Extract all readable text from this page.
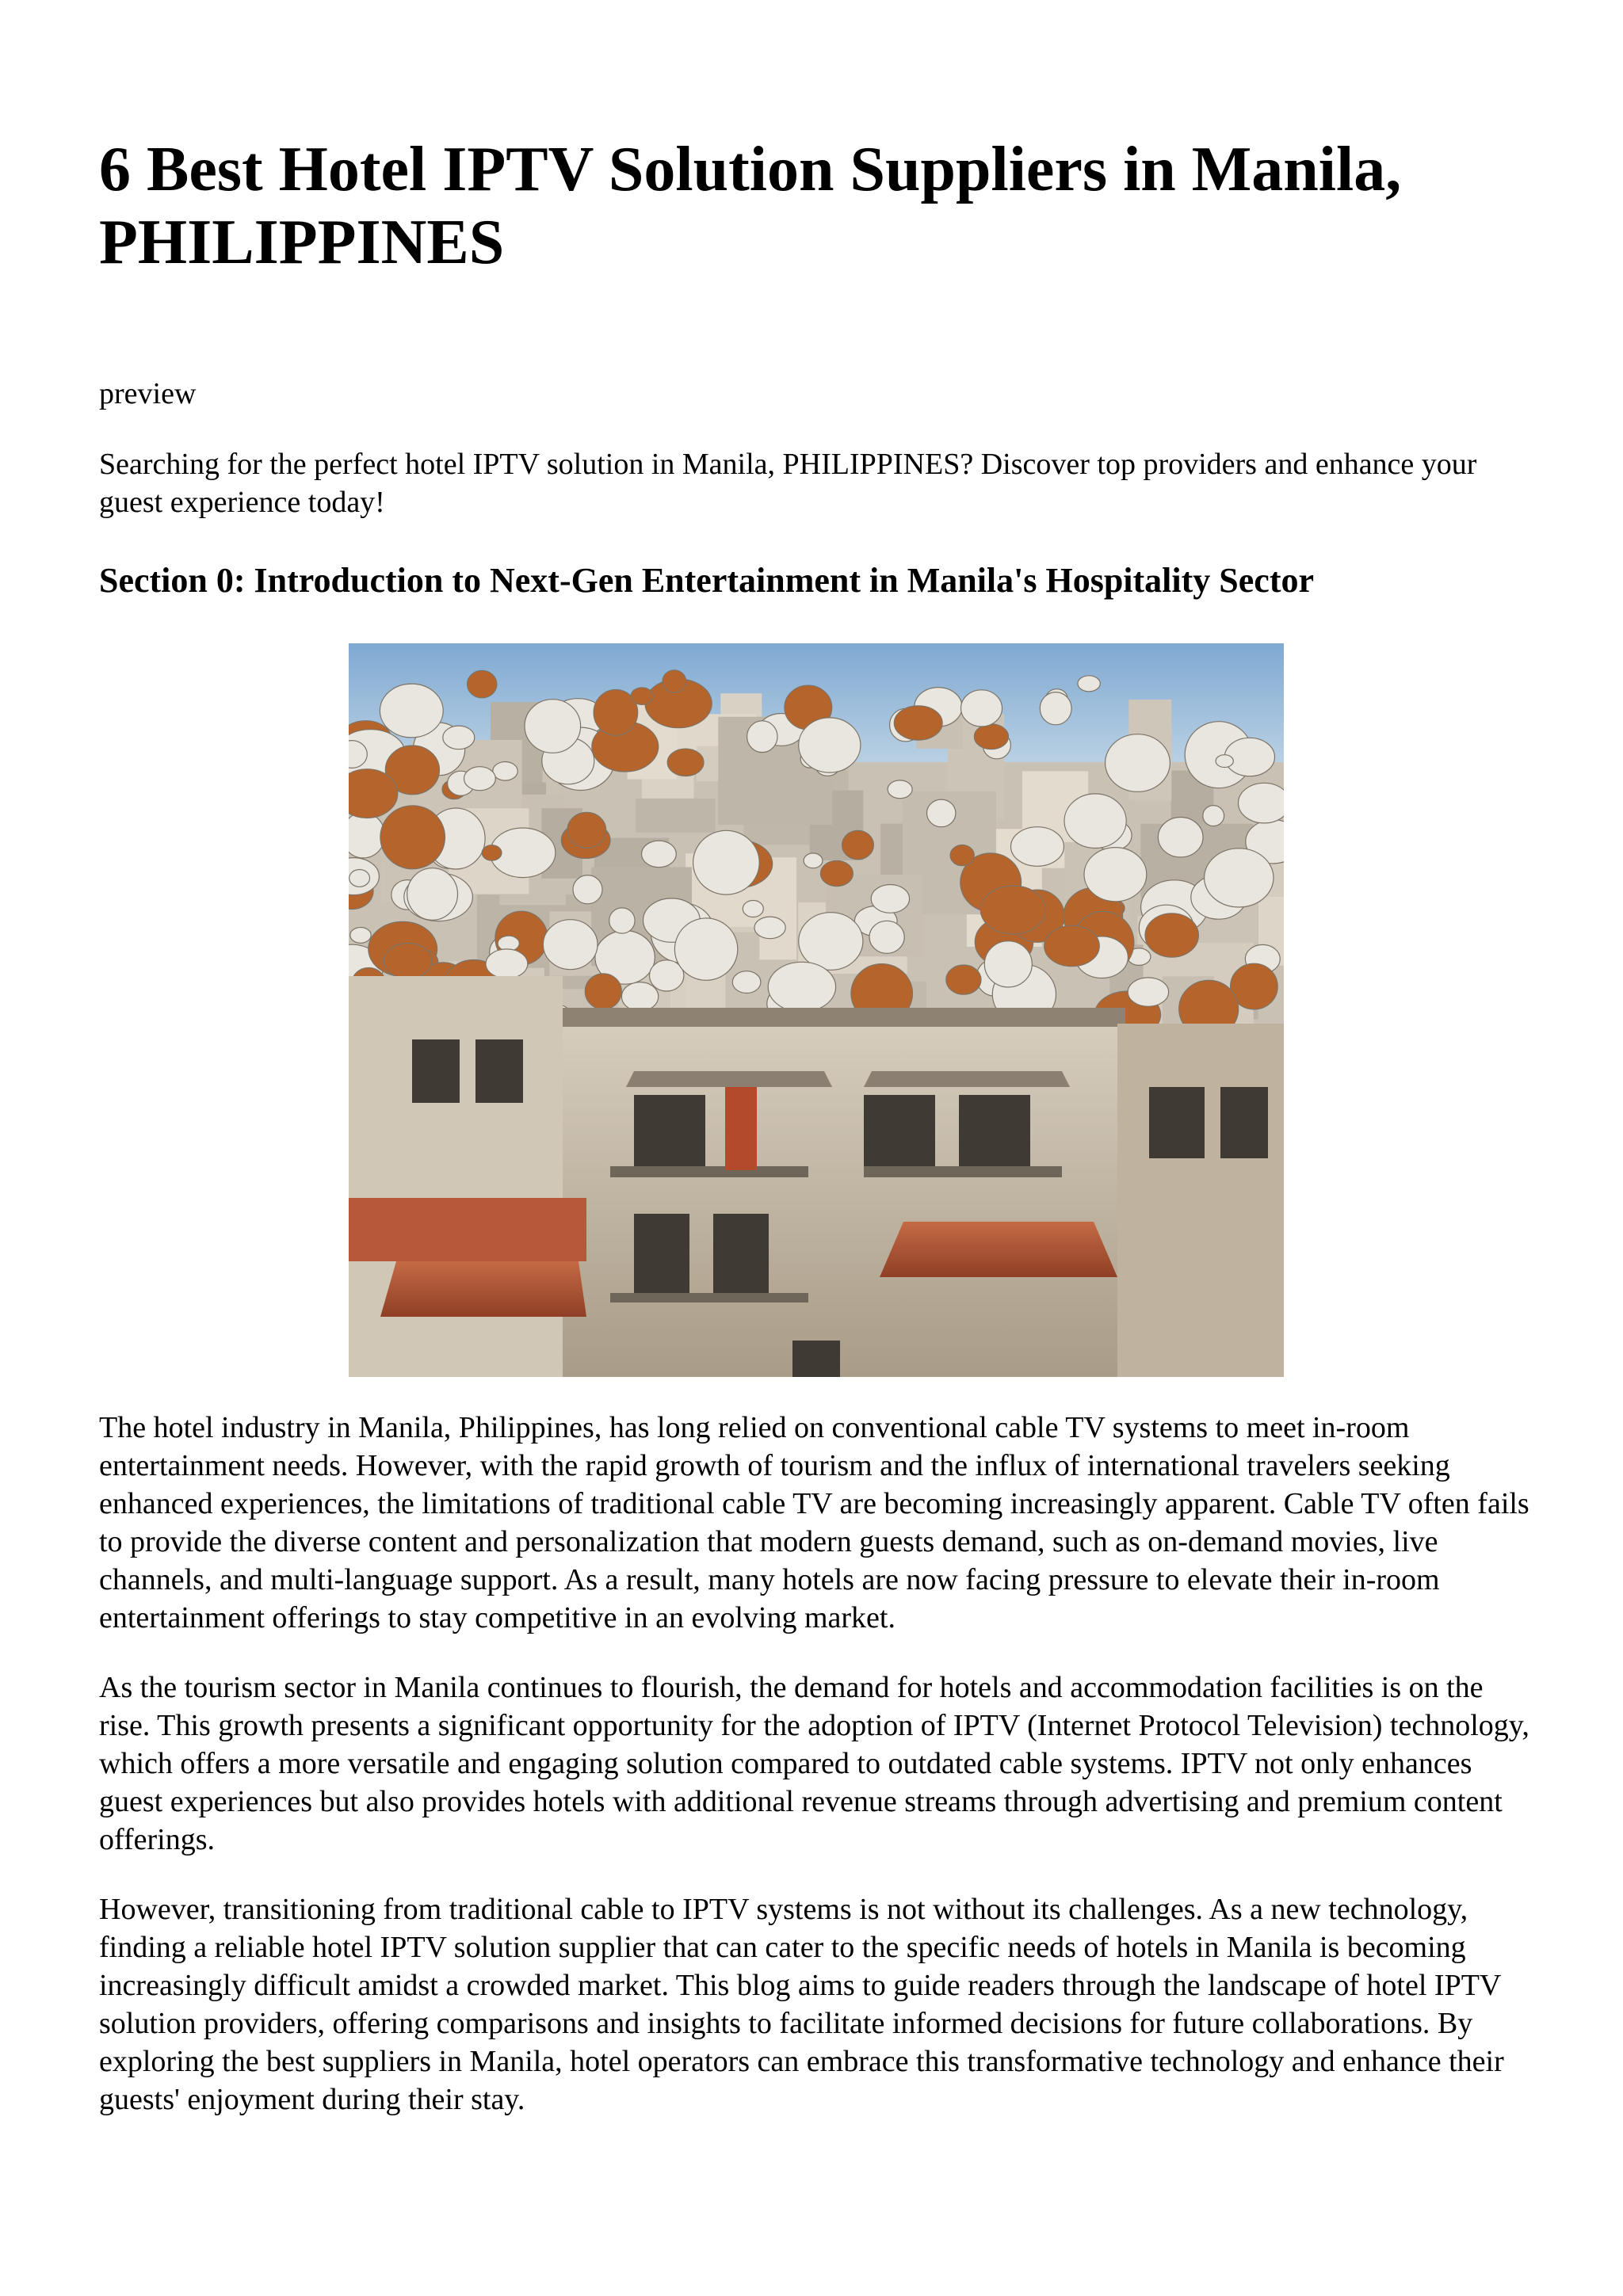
6 Best Hotel IPTV Solution Suppliers in Manila, PHILIPPINES

preview

Searching for the perfect hotel IPTV solution in Manila, PHILIPPINES? Discover top providers and enhance your guest experience today!

Section 0: Introduction to Next-Gen Entertainment in Manila's Hospitality Sector

The hotel industry in Manila, Philippines, has long relied on conventional cable TV systems to meet in-room entertainment needs. However, with the rapid growth of tourism and the influx of international travelers seeking enhanced experiences, the limitations of traditional cable TV are becoming increasingly apparent. Cable TV often fails to provide the diverse content and personalization that modern guests demand, such as on-demand movies, live channels, and multi-language support. As a result, many hotels are now facing pressure to elevate their in-room entertainment offerings to stay competitive in an evolving market.

As the tourism sector in Manila continues to flourish, the demand for hotels and accommodation facilities is on the rise. This growth presents a significant opportunity for the adoption of IPTV (Internet Protocol Television) technology, which offers a more versatile and engaging solution compared to outdated cable systems. IPTV not only enhances guest experiences but also provides hotels with additional revenue streams through advertising and premium content offerings.

However, transitioning from traditional cable to IPTV systems is not without its challenges. As a new technology, finding a reliable hotel IPTV solution supplier that can cater to the specific needs of hotels in Manila is becoming increasingly difficult amidst a crowded market. This blog aims to guide readers through the landscape of hotel IPTV solution providers, offering comparisons and insights to facilitate informed decisions for future collaborations. By exploring the best suppliers in Manila, hotel operators can embrace this transformative technology and enhance their guests' enjoyment during their stay.
